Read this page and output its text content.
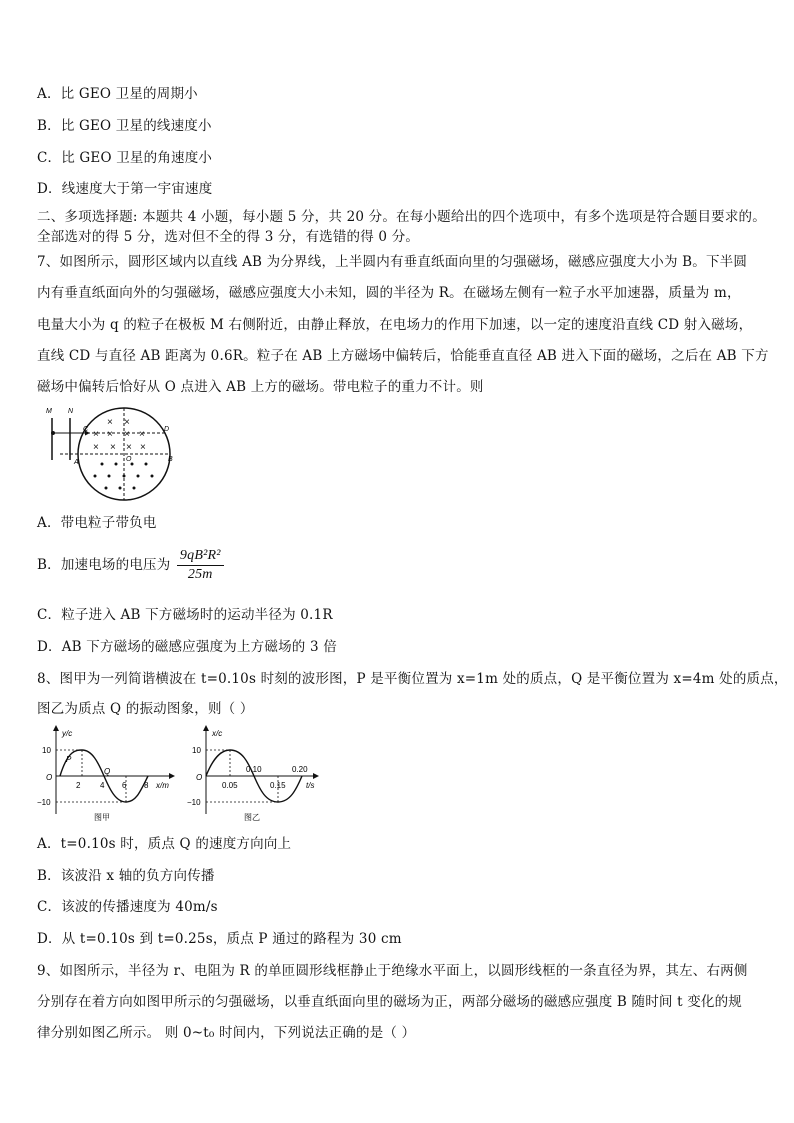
A．比 GEO 卫星的周期小
B．比 GEO 卫星的线速度小
C．比 GEO 卫星的角速度小
D．线速度大于第一宇宙速度
二、多项选择题: 本题共 4 小题，每小题 5 分，共 20 分。在每小题给出的四个选项中，有多个选项是符合题目要求的。
全部选对的得 5 分，选对但不全的得 3 分，有选错的得 0 分。
7、如图所示，圆形区域内以直线 AB 为分界线，上半圆内有垂直纸面向里的匀强磁场，磁感应强度大小为 B。下半圆
内有垂直纸面向外的匀强磁场，磁感应强度大小未知，圆的半径为 R。在磁场左侧有一粒子水平加速器，质量为 m，
电量大小为 q 的粒子在极板 M 右侧附近，由静止释放，在电场力的作用下加速，以一定的速度沿直线 CD 射入磁场，
直线 CD 与直径 AB 距离为 0.6R。粒子在 AB 上方磁场中偏转后，恰能垂直直径 AB 进入下面的磁场，之后在 AB 下方
磁场中偏转后恰好从 O 点进入 AB 上方的磁场。带电粒子的重力不计。则
M N
C	D
A	B
O
× ×
× × × ×
× × × ×
A．带电粒子带负电
B．加速电场的电压为 $\frac{\text{9qB²R²}}{25m}$
C．粒子进入 AB 下方磁场时的运动半径为 0.1R
D．AB 下方磁场的磁感应强度为上方磁场的 3 倍
8、图甲为一列简谐横波在 t=0.10s 时刻的波形图，P 是平衡位置为 x=1m 处的质点，Q 是平衡位置为 x=4m 处的质点，
图乙为质点 Q 的振动图象，则（ ）
y/c
x/m
10
O
−10
2 4 6 8
P
Q
图甲
x/c
t/s
10
O
−10
0.10	0.20
0.05	0.15
图乙
A．t=0.10s 时，质点 Q 的速度方向向上
B．该波沿 x 轴的负方向传播
C．该波的传播速度为 40m/s
D．从 t=0.10s 到 t=0.25s，质点 P 通过的路程为 30 cm
9、如图所示，半径为 r、电阻为 R 的单匝圆形线框静止于绝缘水平面上，以圆形线框的一条直径为界，其左、右两侧
分别存在着方向如图甲所示的匀强磁场，以垂直纸面向里的磁场为正，两部分磁场的磁感应强度 B 随时间 t 变化的规
律分别如图乙所示。 则 0~t₀ 时间内，下列说法正确的是（ ）
